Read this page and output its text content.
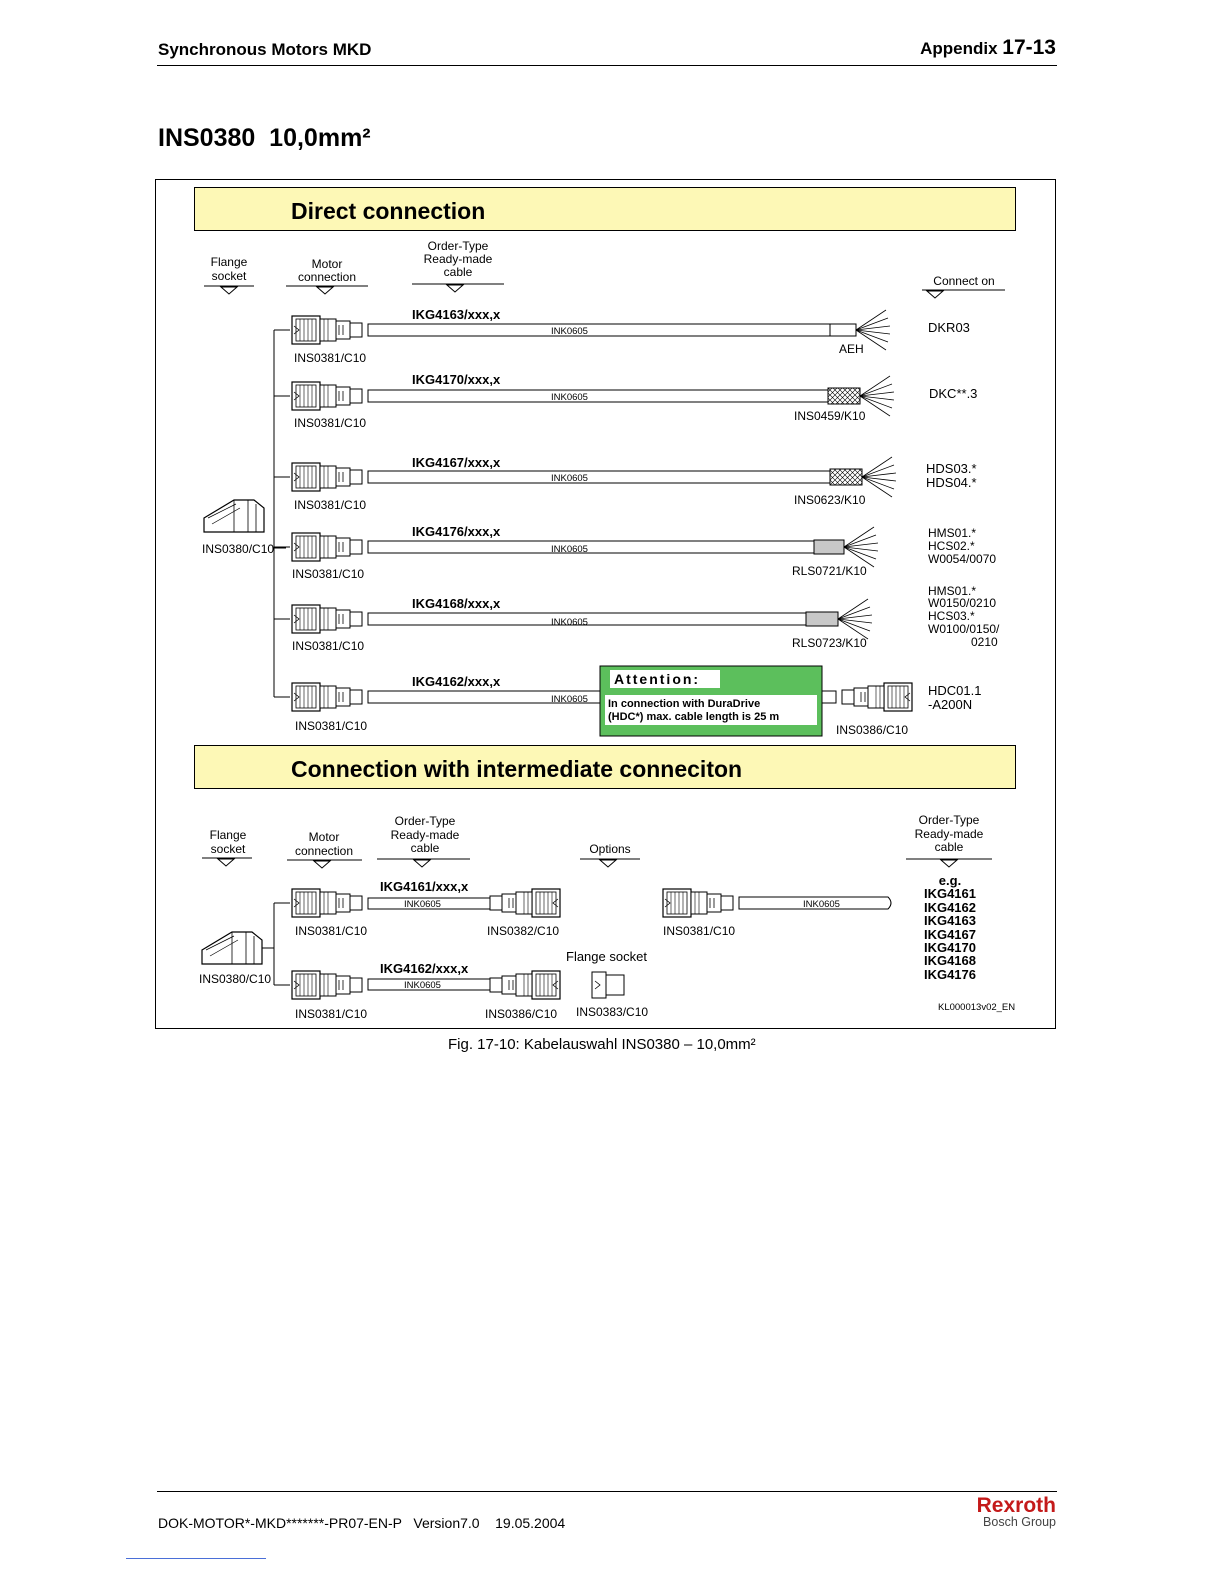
Synchronous Motors MKD	Appendix 17-13
INS0380  10,0mm²
Direct connection
Connection with intermediate conneciton
Flange
socket
Motor
connection
Order-Type
Ready-made
cable
Connect on
INS0380/C10
IKG4163/xxx,x
INK0605
INS0381/C10
AEH
DKR03
IKG4170/xxx,x
INK0605
INS0381/C10	INS0459/K10
DKC**.3
IKG4167/xxx,x
INK0605
INS0381/C10	INS0623/K10
HDS03.*
HDS04.*
IKG4176/xxx,x
INK0605
INS0381/C10	RLS0721/K10
HMS01.*
HCS02.*
W0054/0070
IKG4168/xxx,x
INK0605
INS0381/C10	RLS0723/K10
HMS01.*
W0150/0210
HCS03.*
W0100/0150/
0210
IKG4162/xxx,x
INK0605
INS0381/C10	INS0386/C10
HDC01.1
-A200N
Attention:
In connection with DuraDrive
(HDC*) max. cable length is 25 m
Flange
socket
Motor
connection
Order-Type
Ready-made
cable	Options
Order-Type
Ready-made
cable
INS0380/C10
IKG4161/xxx,x
INK0605
INS0381/C10	INS0382/C10
IKG4162/xxx,x
INK0605
INS0381/C10	INS0386/C10
Flange socket
INS0383/C10
INS0381/C10
INK0605
e.g.
IKG4161
IKG4162
IKG4163
IKG4167
IKG4170
IKG4168
IKG4176
KL000013v02_EN
Fig. 17-10: Kabelauswahl INS0380 – 10,0mm²
DOK-MOTOR*-MKD*******-PR07-EN-P   Version7.0    19.05.2004
Rexroth
Bosch Group
